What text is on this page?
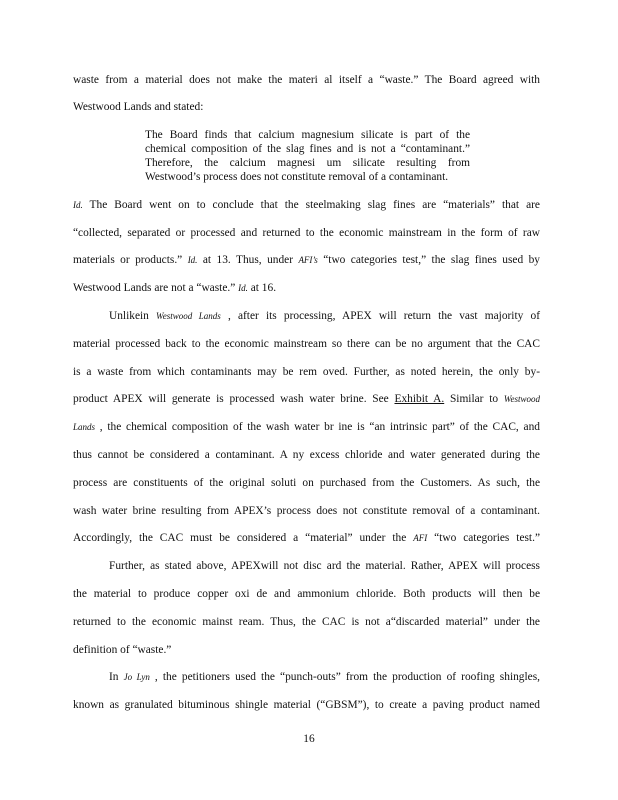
waste from a material does not make the materi al itself a “waste.” The Board agreed with
Westwood Lands and stated:
The Board finds that calcium magnesium silicate is part of the
chemical composition of the slag fines and is not a “contaminant.”
Therefore, the calcium magnesi um silicate resulting from
Westwood’s process does not constitute removal of a contaminant.
Id. The Board went on to conclude that the steelmaking slag fines are “materials” that are
“collected, separated or processed and returned to the economic mainstream in the form of raw
materials or products.” Id. at 13. Thus, under AFI’s “two categories test,” the slag fines used by
Westwood Lands are not a “waste.” Id. at 16.
Unlikein Westwood Lands , after its processing, APEX will return the vast majority of
material processed back to the economic mainstream so there can be no argument that the CAC
is a waste from which contaminants may be rem oved. Further, as noted herein, the only by-
product APEX will generate is processed wash water brine. See Exhibit A. Similar to Westwood
Lands , the chemical composition of the wash water br ine is “an intrinsic part” of the CAC, and
thus cannot be considered a contaminant. A ny excess chloride and water generated during the
process are constituents of the original soluti on purchased from the Customers. As such, the
wash water brine resulting from APEX’s process does not constitute removal of a contaminant.
Accordingly, the CAC must be considered a “material” under the AFI “two categories test.”
Further, as stated above, APEXwill not disc ard the material. Rather, APEX will process
the material to produce copper oxi de and ammonium chloride. Both products will then be
returned to the economic mainst ream. Thus, the CAC is not a“discarded material” under the
definition of “waste.”
In Jo Lyn , the petitioners used the “punch-outs” from the production of roofing shingles,
known as granulated bituminous shingle material (“GBSM”), to create a paving product named
16
